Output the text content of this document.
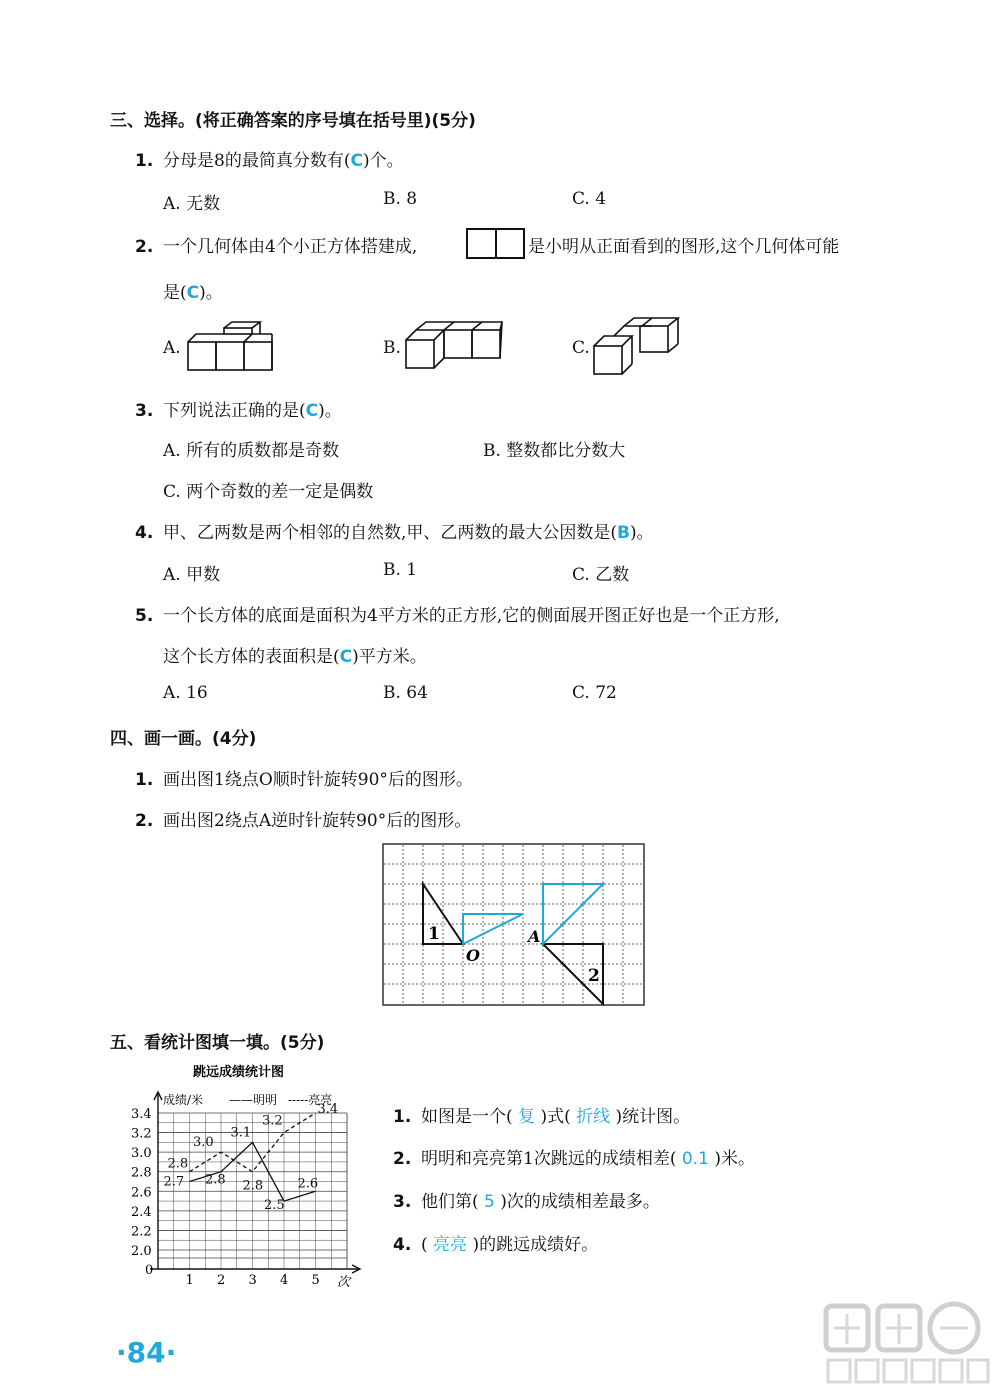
三、选择。(将正确答案的序号填在括号里)(5分)
1. 分母是8的最简真分数有(C)个。
A. 无数	B. 8	C. 4
2. 一个几何体由4个小正方体搭建成,	是小明从正面看到的图形,这个几何体可能
是(C)。
A.	B.	C.
3. 下列说法正确的是(C)。
A. 所有的质数都是奇数	B. 整数都比分数大
C. 两个奇数的差一定是偶数
4. 甲、乙两数是两个相邻的自然数,甲、乙两数的最大公因数是(B)。
A. 甲数	B. 1	C. 乙数
5. 一个长方体的底面是面积为4平方米的正方形,它的侧面展开图正好也是一个正方形,
这个长方体的表面积是(C)平方米。
A. 16	B. 64	C. 72
四、画一画。(4分)
1. 画出图1绕点O顺时针旋转90°后的图形。
2. 画出图2绕点A逆时针旋转90°后的图形。
1
O
A
2
五、看统计图填一填。(5分)
跳远成绩统计图
成绩/米 ——明明 -----亮亮
2.0
2.2
2.4
2.6
2.8
3.0
3.2
3.4
1 2 3 4 5 次
0
2.7 2.8
3.1
2.5
2.6
2.8
3.0
2.8
3.2
3.4	1. 如图是一个( 复 )式( 折线 )统计图。
2. 明明和亮亮第1次跳远的成绩相差( 0.1 )米。
3. 他们第( 5 )次的成绩相差最多。
4. ( 亮亮 )的跳远成绩好。
·84·
